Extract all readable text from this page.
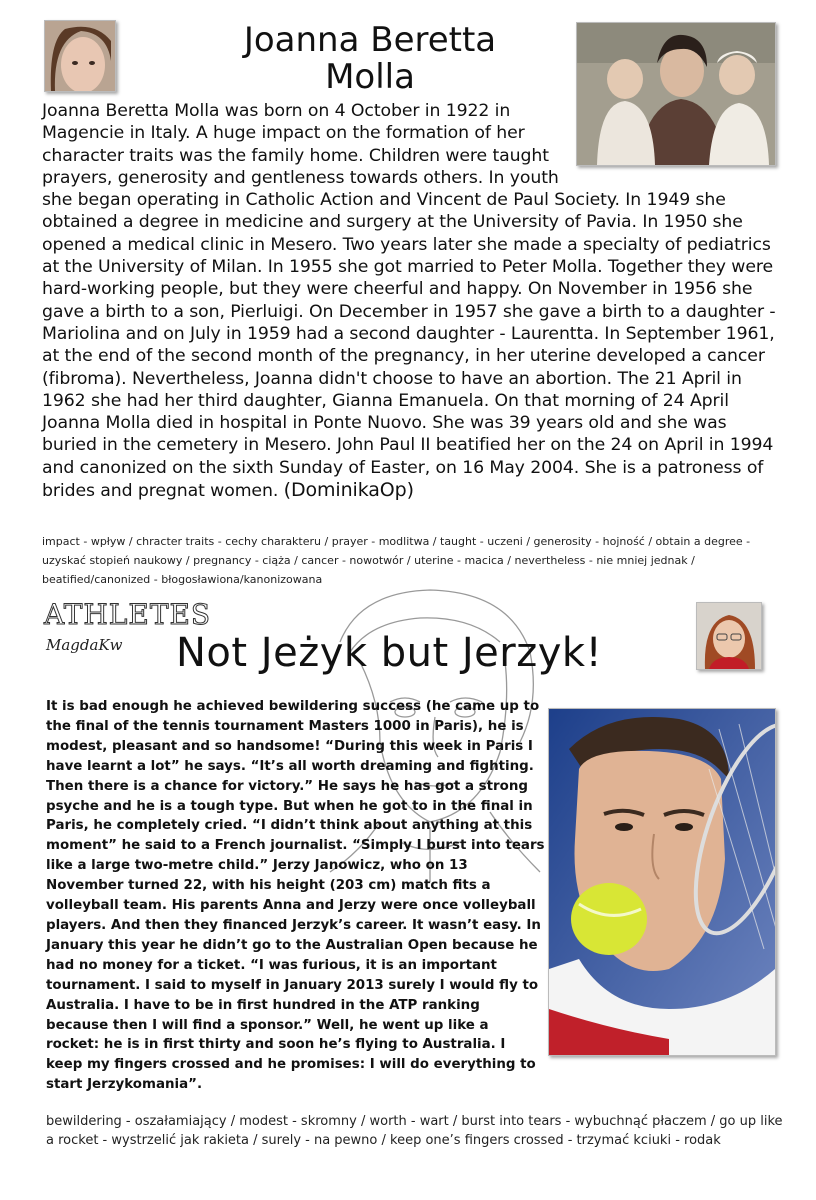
Joanna Beretta
Molla
Joanna Beretta Molla was born on 4 October in 1922 in Magencie in Italy. A huge impact on the formation of her character traits was the family home. Children were taught prayers, generosity and gentleness towards others. In youth she began operating in Catholic Action and Vincent de Paul Society. In 1949 she obtained a degree in medicine and surgery at the University of Pavia. In 1950 she opened a medical clinic in Mesero. Two years later she made a specialty of pediatrics at the University of Milan. In 1955 she got married to Peter Molla. Together they were hard-working people, but they were cheerful and happy. On November in 1956 she gave a birth to a son, Pierluigi. On December in 1957 she gave a birth to a daughter - Mariolina and on July in 1959 had a second daughter - Laurentta. In September 1961, at the end of the second month of the pregnancy, in her uterine developed a cancer (fibroma). Nevertheless, Joanna didn't choose to have an abortion. The 21 April in 1962 she had her third daughter, Gianna Emanuela. On that morning of 24 April Joanna Molla died in hospital in Ponte Nuovo. She was 39 years old and she was buried in the cemetery in Mesero. John Paul II beatified her on the 24 on April in 1994 and canonized on the sixth Sunday of Easter, on 16 May 2004. She is a patroness of brides and pregnat women. (DominikaOp)
impact - wpływ / chracter traits - cechy charakteru / prayer - modlitwa / taught - uczeni / generosity - hojność / obtain a degree - uzyskać stopień naukowy / pregnancy - ciąża / cancer - nowotwór / uterine - macica / nevertheless - nie mniej jednak / beatified/canonized - błogosławiona/kanonizowana
ATHLETES
MagdaKw Not Jeżyk but Jerzyk!
It is bad enough he achieved bewildering success (he came up to the final of the tennis tournament Masters 1000 in Paris), he is modest, pleasant and so handsome! “During this week in Paris I have learnt a lot” he says. “It’s all worth dreaming and fighting. Then there is a chance for victory.” He says he has got a strong psyche and he is a tough type. But when he got to in the final in Paris, he completely cried. “I didn’t think about anything at this moment” he said to a French journalist. “Simply I burst into tears like a large two-metre child.” Jerzy Janowicz, who on 13 November turned 22, with his height (203 cm) match fits a volleyball team. His parents Anna and Jerzy were once volleyball players. And then they financed Jerzyk’s career. It wasn’t easy. In January this year he didn’t go to the Australian Open because he had no money for a ticket. “I was furious, it is an important tournament. I said to myself in January 2013 surely I would fly to Australia. I have to be in first hundred in the ATP ranking because then I will find a sponsor.” Well, he went up like a rocket: he is in first thirty and soon he’s flying to Australia. I keep my fingers crossed and he promises: I will do everything to start Jerzykomania”.
bewildering - oszałamiający / modest - skromny / worth - wart / burst into tears - wybuchnąć płaczem / go up like a rocket - wystrzelić jak rakieta / surely - na pewno / keep one’s fingers crossed - trzymać kciuki - rodak
